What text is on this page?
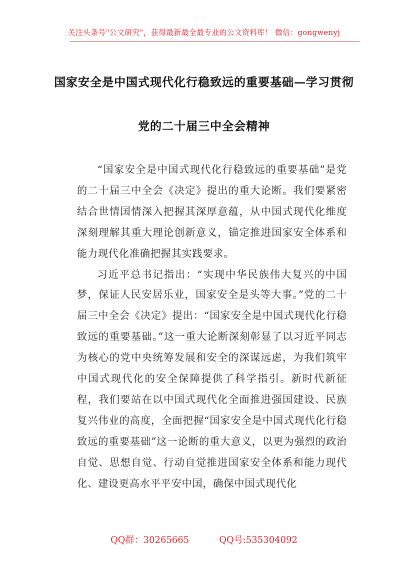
关注头条号"公文研究"，获得最新最全最专业的公文资料库！ 微信：gongwenyj
国家安全是中国式现代化行稳致远的重要基础—学习贯彻
党的二十届三中全会精神

“国家安全是中国式现代化行稳致远的重要基础”是党的二十届三中全会《决定》提出的重大论断。我们要紧密结合世情国情深入把握其深厚意蕴，从中国式现代化维度深刻理解其重大理论创新意义，锚定推进国家安全体系和能力现代化准确把握其实践要求。

习近平总书记指出：“实现中华民族伟大复兴的中国梦，保证人民安居乐业，国家安全是头等大事。”党的二十届三中全会《决定》提出：“国家安全是中国式现代化行稳致远的重要基础。”这一重大论断深刻彰显了以习近平同志为核心的党中央统筹发展和安全的深谋远虑，为我们筑牢中国式现代化的安全保障提供了科学指引。新时代新征程，我们要站在以中国式现代化全面推进强国建设、民族复兴伟业的高度，全面把握“国家安全是中国式现代化行稳致远的重要基础”这一论断的重大意义，以更为强烈的政治自觉、思想自觉、行动自觉推进国家安全体系和能力现代化、建设更高水平平安中国，确保中国式现代化

QQ群：30265665	QQ号:535304092
